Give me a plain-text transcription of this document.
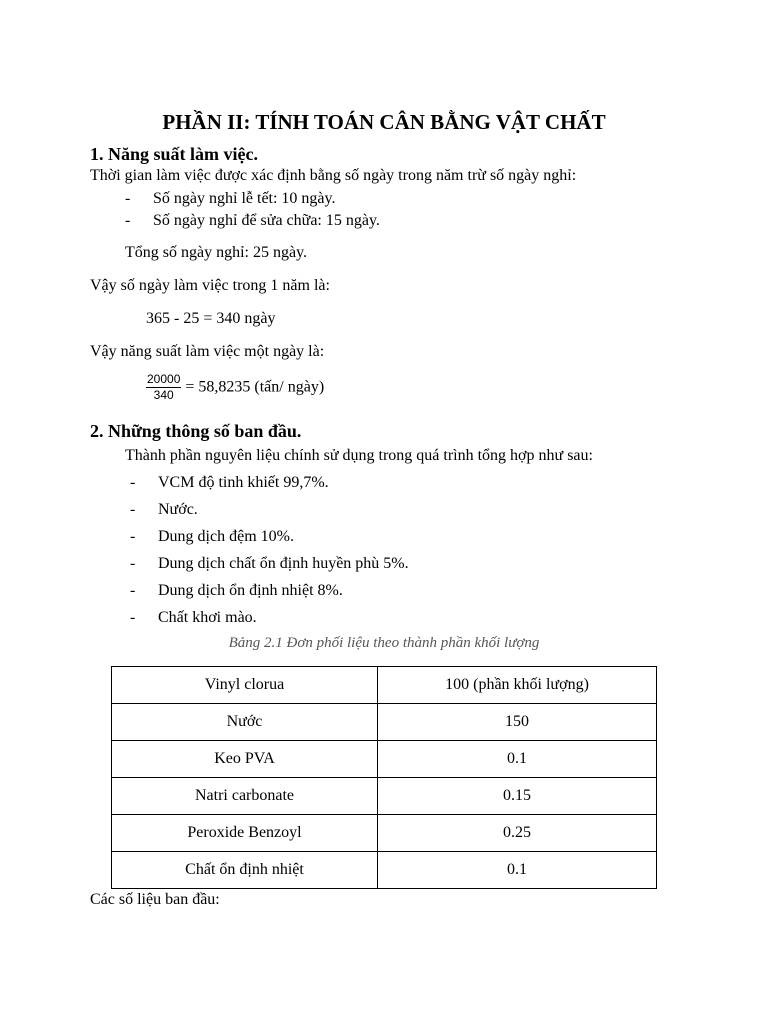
PHẦN II: TÍNH TOÁN CÂN BẰNG VẬT CHẤT
1. Năng suất làm việc.
Thời gian làm việc được xác định bằng số ngày trong năm trừ số ngày nghỉ:
- Số ngày nghỉ lễ tết: 10 ngày.
- Số ngày nghỉ để sửa chữa: 15 ngày.
Tổng số ngày nghỉ: 25 ngày.
Vậy số ngày làm việc trong 1 năm là:
365 - 25 = 340 ngày
Vậy năng suất làm việc một ngày là:
$\frac{20000}{340} = 58,8235$ (tấn/ ngày)
2. Những thông số ban đầu.
Thành phần nguyên liệu chính sử dụng trong quá trình tổng hợp như sau:
- VCM độ tinh khiết 99,7%.
- Nước.
- Dung dịch đệm 10%.
- Dung dịch chất ổn định huyền phù 5%.
- Dung dịch ổn định nhiệt 8%.
- Chất khơi mào.
Bảng 2.1 Đơn phối liệu theo thành phần khối lượng
Vinyl clorua	100 (phần khối lượng)
Nước	150
Keo PVA	0.1
Natri carbonate	0.15
Peroxide Benzoyl	0.25
Chất ổn định nhiệt	0.1
Các số liệu ban đầu:
